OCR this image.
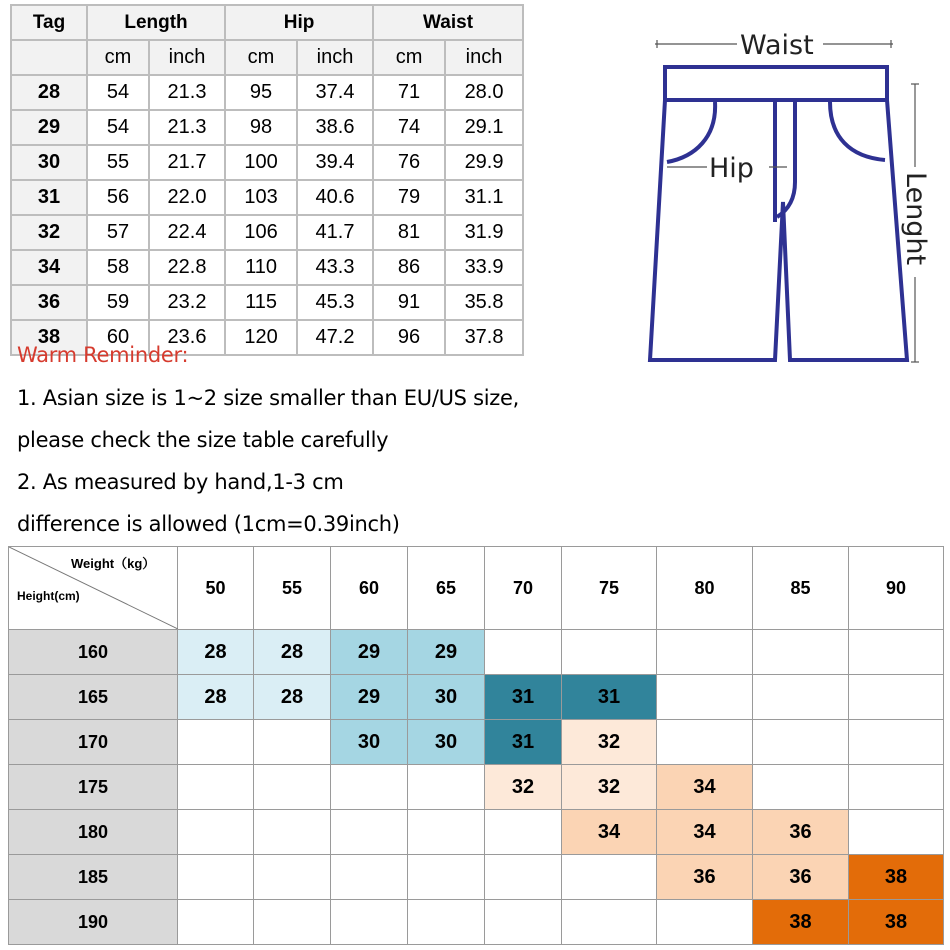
Tag	Length		Hip		Waist	
	cm	inch	cm	inch	cm	inch
28	54	21.3	95	37.4	71	28.0
29	54	21.3	98	38.6	74	29.1
30	55	21.7	100	39.4	76	29.9
31	56	22.0	103	40.6	79	31.1
32	57	22.4	106	41.7	81	31.9
34	58	22.8	110	43.3	86	33.9
36	59	23.2	115	45.3	91	35.8
38	60	23.6	120	47.2	96	37.8
Waist
Hip
Lenght
Warm Reminder:
1. Asian size is 1~2 size smaller than EU/US size,
please check the size table carefully
2. As measured by hand,1-3 cm
difference is allowed (1cm=0.39inch)
Weight（kg）
Height(cm)	50	55	60	65	70	75	80	85	90
160	28	28	29	29					
165	28	28	29	30	31	31			
170			30	30	31	32			
175					32	32	34		
180						34	34	36	
185							36	36	38
190								38	38
